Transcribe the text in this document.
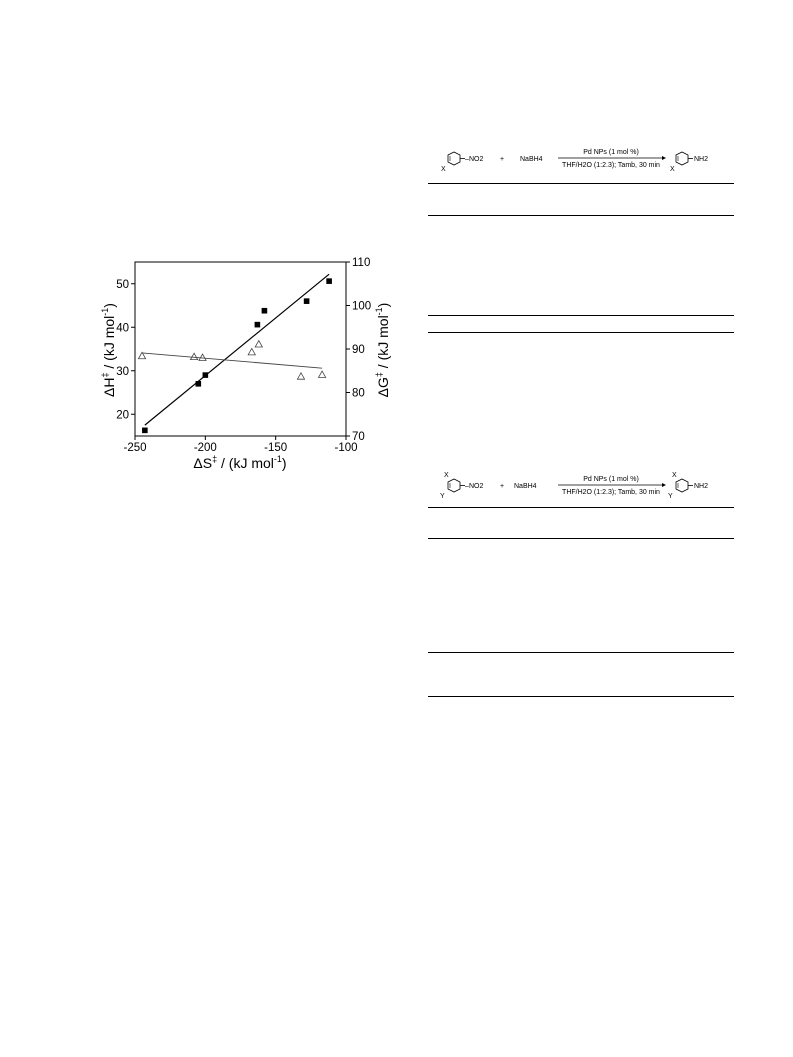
-250	-200	-150	-100
20
30
40
50
70
80
90
100
110
ΔS‡ / (kJ mol$^{-1}$)
ΔH‡ / (kJ mol$^{-1}$)
ΔG‡ / (kJ mol$^{-1}$)
X
– NO2 + NaBH4
Pd NPs (1 mol %)
THF/H2O (1:2.3); Tamb, 30 min
X
NH2
X
Y
– NO2 + NaBH4
Pd NPs (1 mol %)
THF/H2O (1:2.3); Tamb, 30 min
X
Y
NH2
